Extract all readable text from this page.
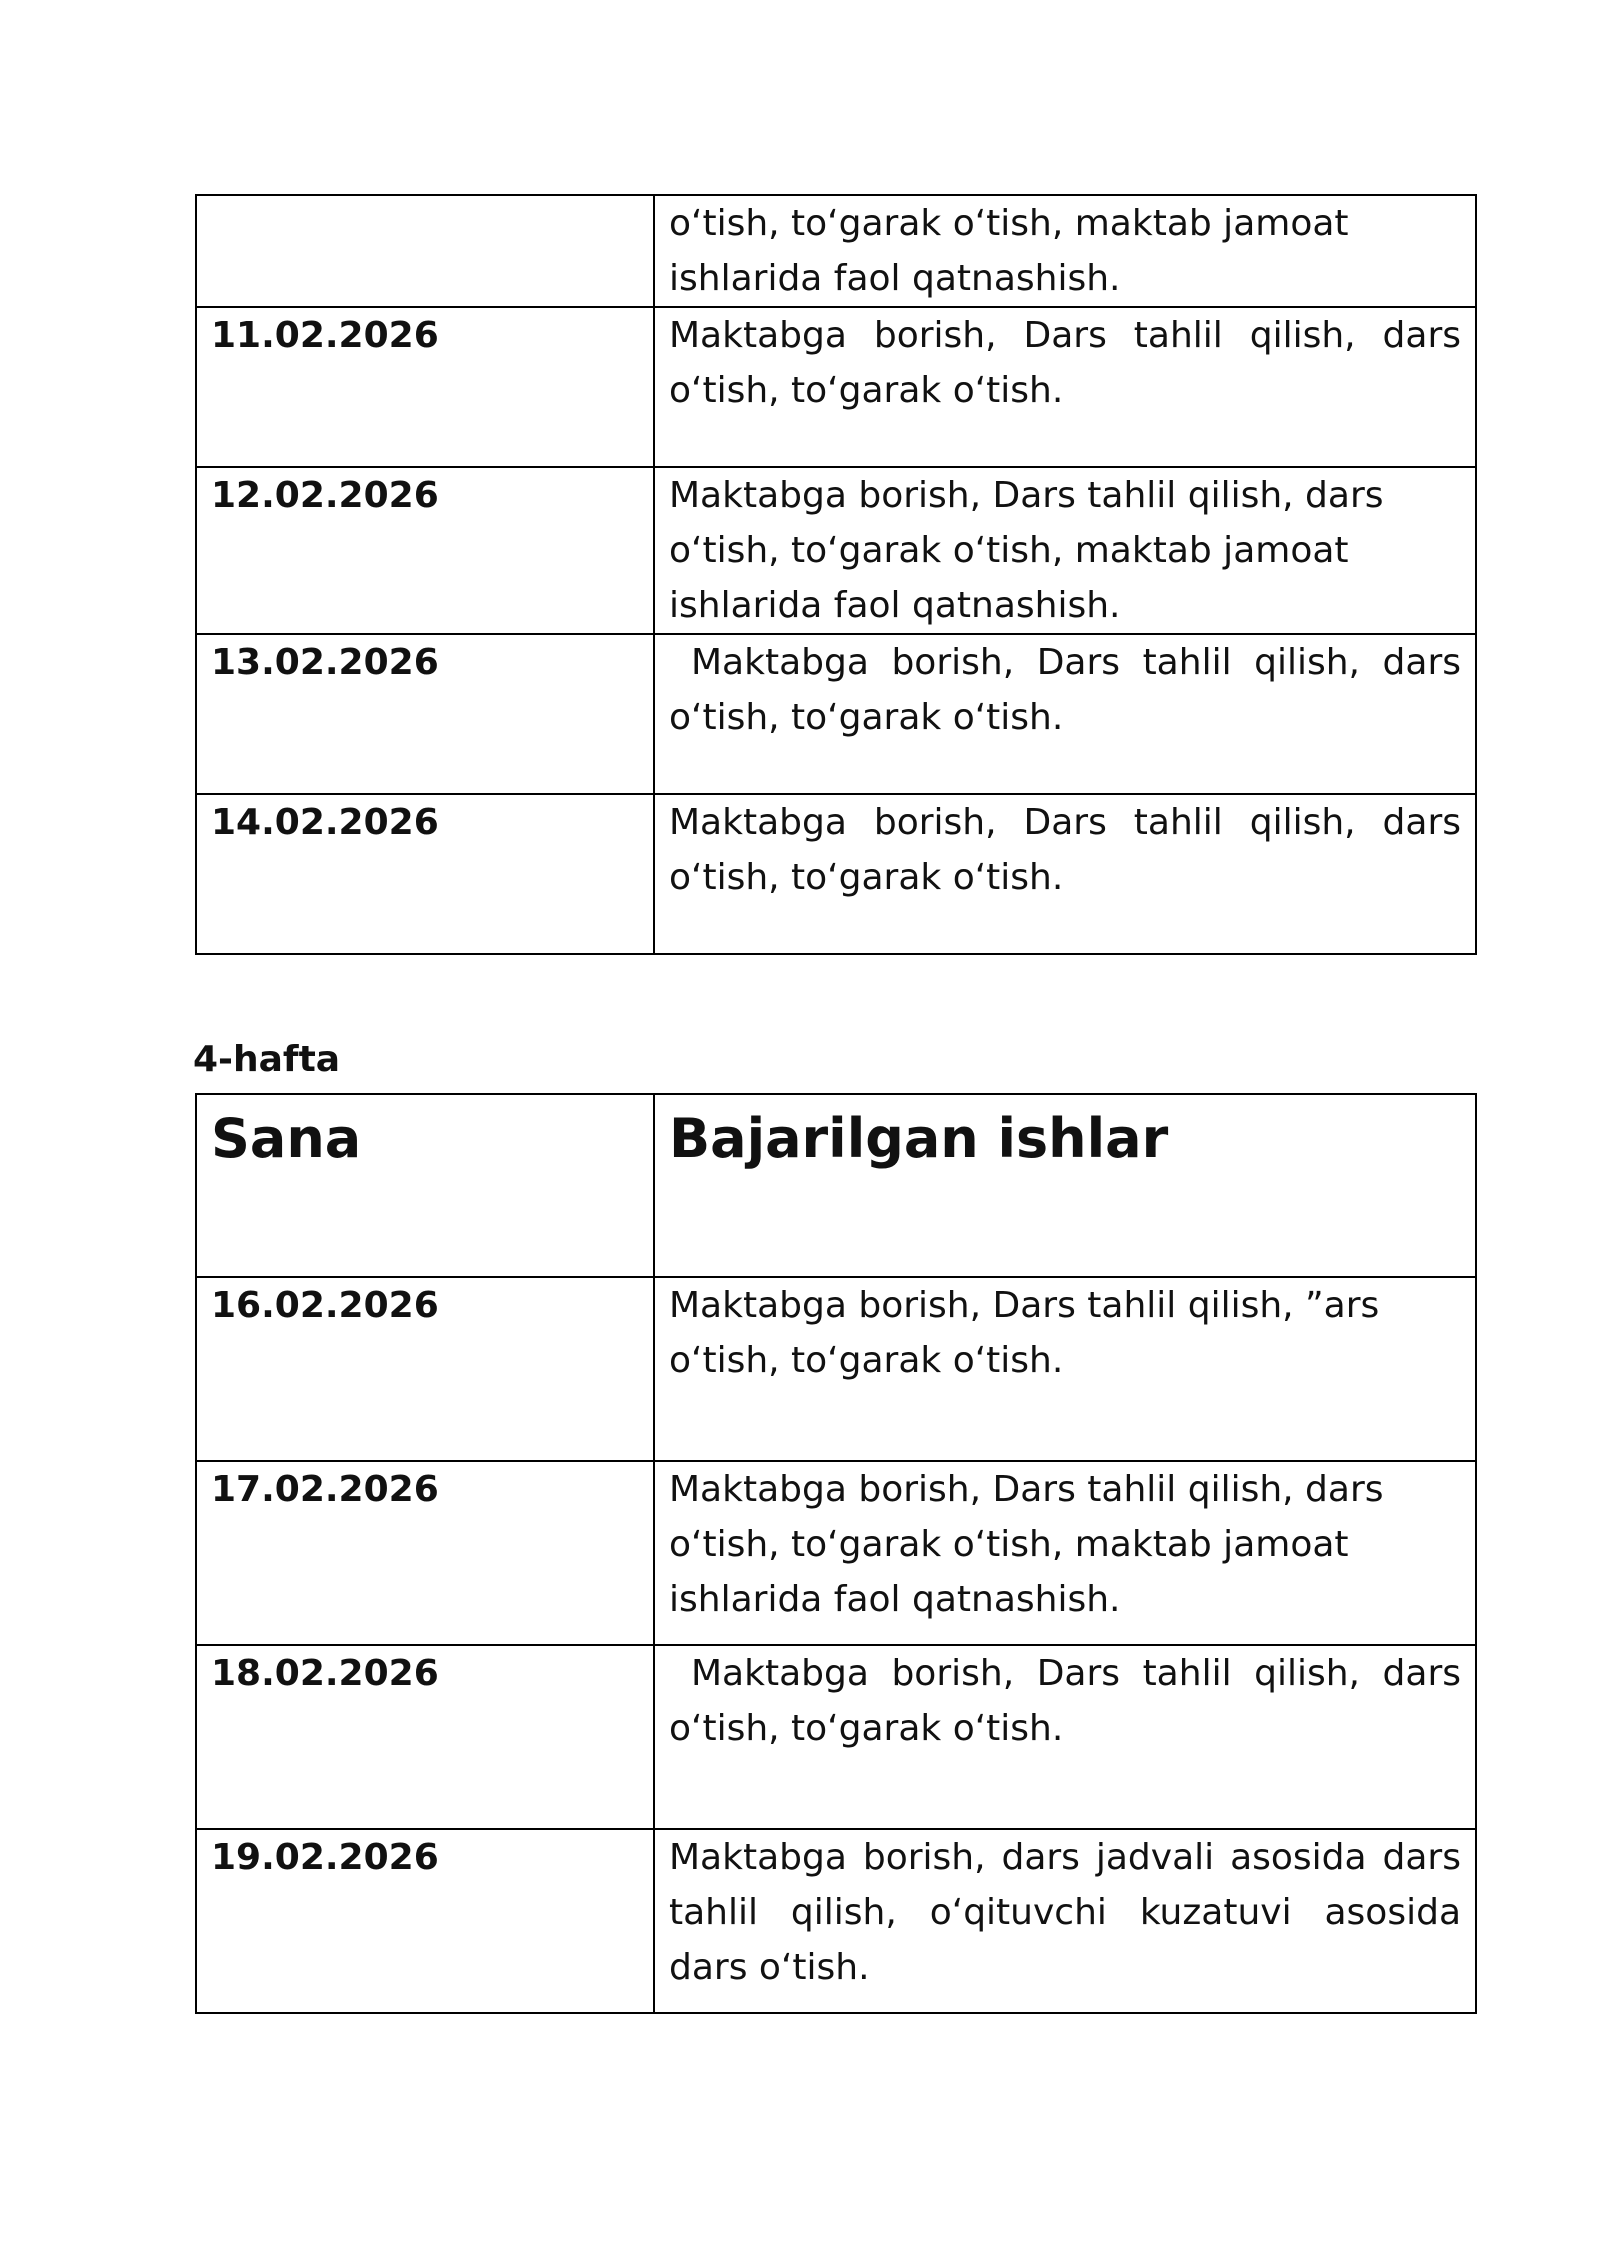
	o‘tish, to‘garak o‘tish, maktab jamoat ishlarida faol qatnashish.
11.02.2026	Maktabga borish, Dars tahlil qilish, dars o‘tish, to‘garak o‘tish.
12.02.2026	Maktabga borish, Dars tahlil qilish, dars o‘tish, to‘garak o‘tish, maktab jamoat ishlarida faol qatnashish.
13.02.2026	Maktabga borish, Dars tahlil qilish, dars o‘tish, to‘garak o‘tish.
14.02.2026	Maktabga borish, Dars tahlil qilish, dars o‘tish, to‘garak o‘tish.
4-hafta
Sana	Bajarilgan ishlar
16.02.2026	Maktabga borish, Dars tahlil qilish, ”ars o‘tish, to‘garak o‘tish.
17.02.2026	Maktabga borish, Dars tahlil qilish, dars o‘tish, to‘garak o‘tish, maktab jamoat ishlarida faol qatnashish.
18.02.2026	Maktabga borish, Dars tahlil qilish, dars o‘tish, to‘garak o‘tish.
19.02.2026	Maktabga borish, dars jadvali asosida dars tahlil qilish, o‘qituvchi kuzatuvi asosida dars o‘tish.
